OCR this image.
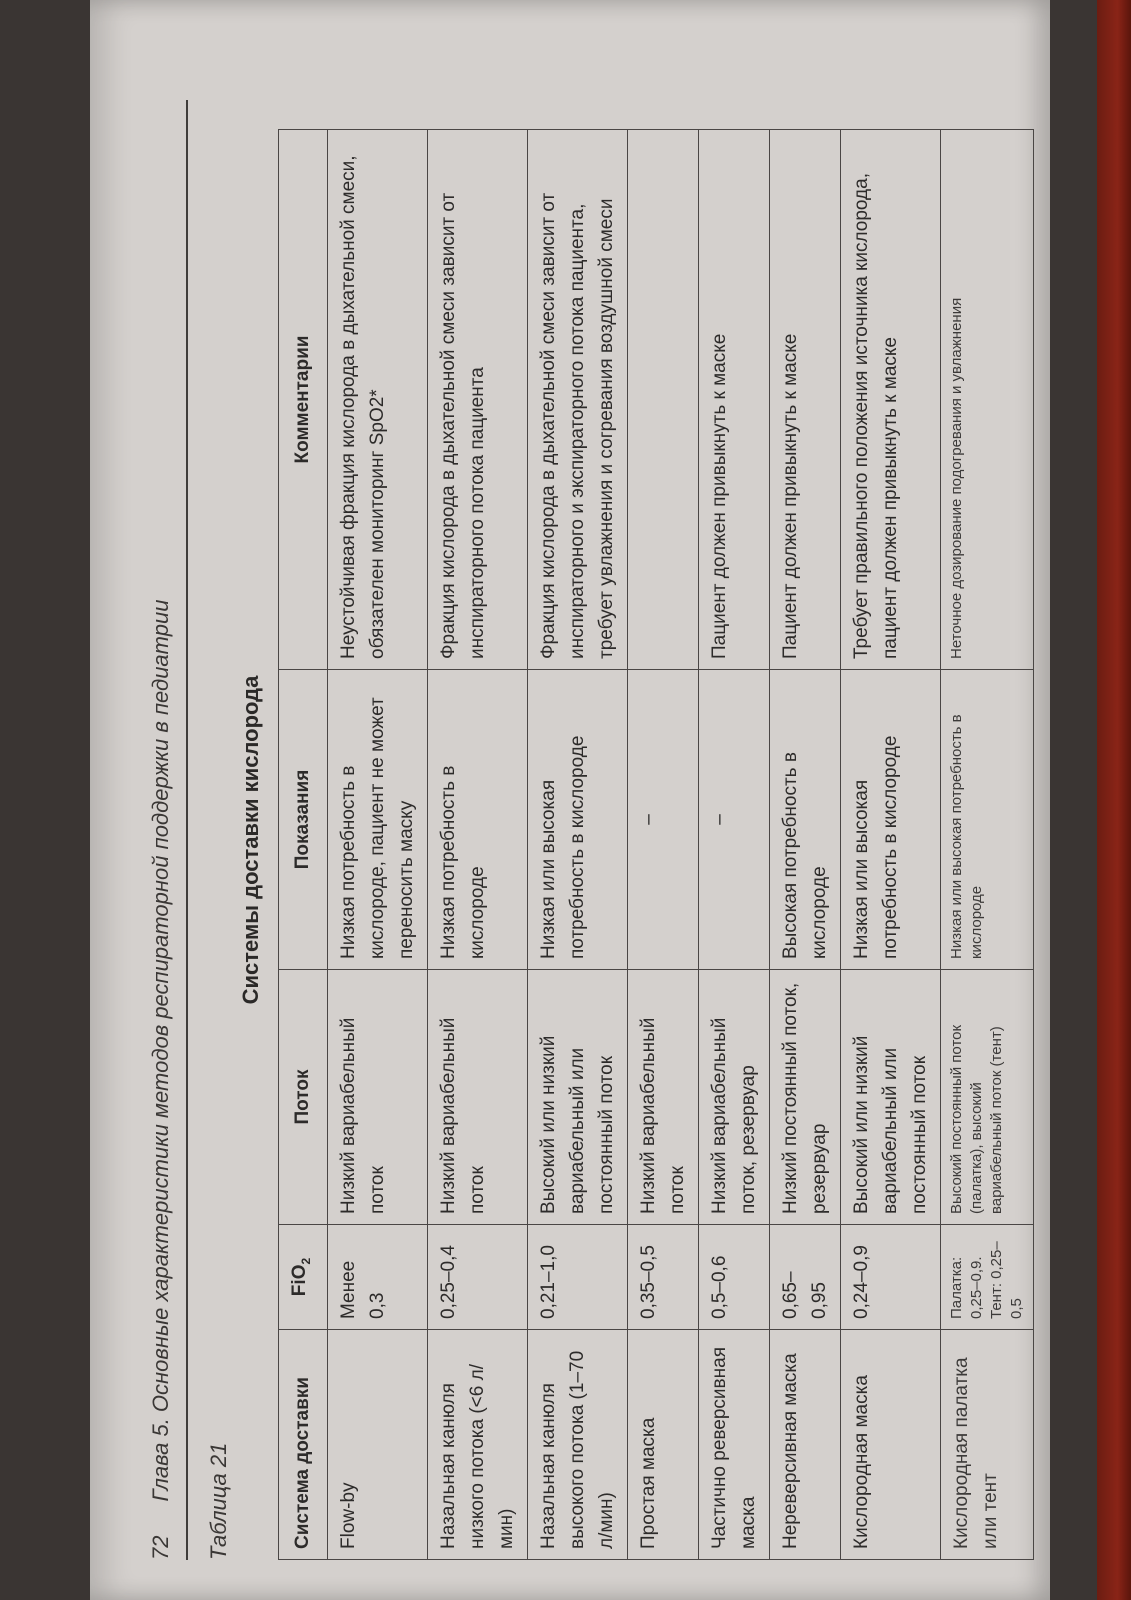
72
Глава 5. Основные характеристики методов респираторной поддержки в педиатрии Таблица 21
Системы доставки кислорода
Система доставки	FiO$_2$	Поток	Показания	Комментарии
Flow-by	Менее 0,3	Низкий вариабельный поток	Низкая потребность в кислороде, пациент не может переносить маску	Неустойчивая фракция кислорода в дыхательной смеси, обязателен мониторинг SpO2*
Назальная канюля низкого потока (<6 л/мин)	0,25–0,4	Низкий вариабельный поток	Низкая потребность в кислороде	Фракция кислорода в дыхательной смеси зависит от инспираторного потока пациента
Назальная канюля высокого потока (1–70 л/мин)	0,21–1,0	Высокий или низкий вариабельный или постоянный поток	Низкая или высокая потребность в кислороде	Фракция кислорода в дыхательной смеси зависит от инспираторного и экспираторного потока пациента, требует увлажнения и согревания воздушной смеси
Простая маска	0,35–0,5	Низкий вариабельный поток	–	

Частично реверсивная маска	0,5–0,6	Низкий вариабельный поток, резервуар	–	Пациент должен привыкнуть к маске
Нереверсивная маска	0,65–0,95	Низкий постоянный поток, резервуар	Высокая потребность в кислороде	Пациент должен привыкнуть к маске
Кислородная маска	0,24–0,9	Высокий или низкий вариабельный или постоянный поток	Низкая или высокая потребность в кислороде	Требует правильного положения источника кислорода, пациент должен привыкнуть к маске
Кислородная палатка или тент	Палатка: 0,25–0,9. Тент: 0,25–0,5	Высокий постоянный поток (палатка), высокий вариабельный поток (тент)	Низкая или высокая потребность в кислороде	Неточное дозирование подогревания и увлажнения
